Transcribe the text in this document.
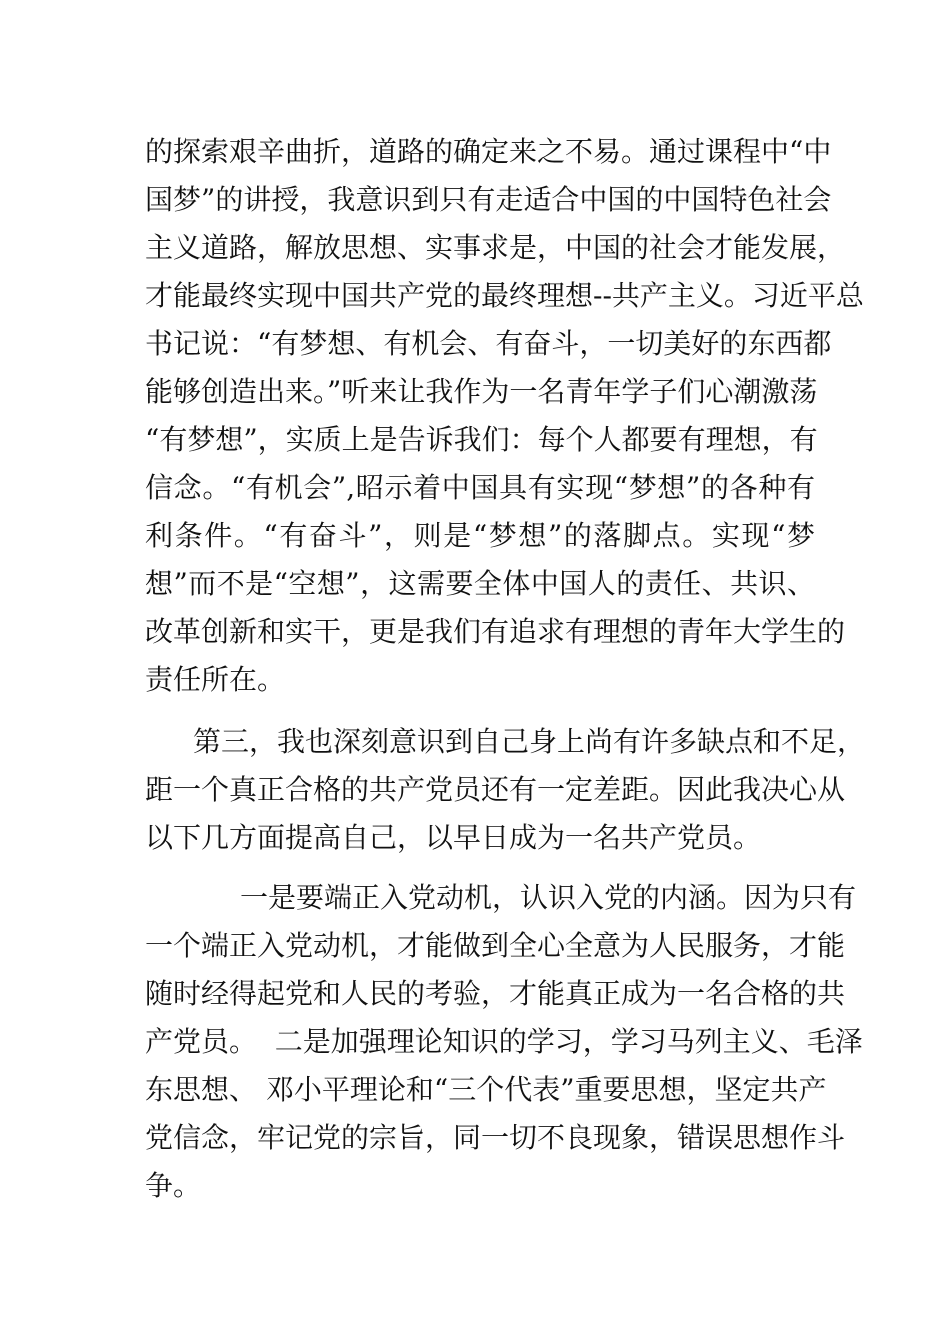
的探索艰辛曲折，道路的确定来之不易。通过课程中“中
国梦”的讲授，我意识到只有走适合中国的中国特色社会
主义道路，解放思想、实事求是，中国的社会才能发展，
才能最终实现中国共产党的最终理想--共产主义。习近平总
书记说：“有梦想、有机会、有奋斗，一切美好的东西都
能够创造出来。”听来让我作为一名青年学子们心潮激荡
“有梦想”，实质上是告诉我们：每个人都要有理想，有
信念。“有机会”,昭示着中国具有实现“梦想”的各种有
利条件。“有奋斗”，则是“梦想”的落脚点。实现“梦
想”而不是“空想”，这需要全体中国人的责任、共识、
改革创新和实干，更是我们有追求有理想的青年大学生的
责任所在。
第三，我也深刻意识到自己身上尚有许多缺点和不足，
距一个真正合格的共产党员还有一定差距。因此我决心从
以下几方面提高自己，以早日成为一名共产党员。
一是要端正入党动机，认识入党的内涵。因为只有
一个端正入党动机，才能做到全心全意为人民服务，才能
随时经得起党和人民的考验，才能真正成为一名合格的共
产党员。  二是加强理论知识的学习，学习马列主义、毛泽
东思想、 邓小平理论和“三个代表”重要思想，坚定共产
党信念，牢记党的宗旨，同一切不良现象，错误思想作斗
争。
